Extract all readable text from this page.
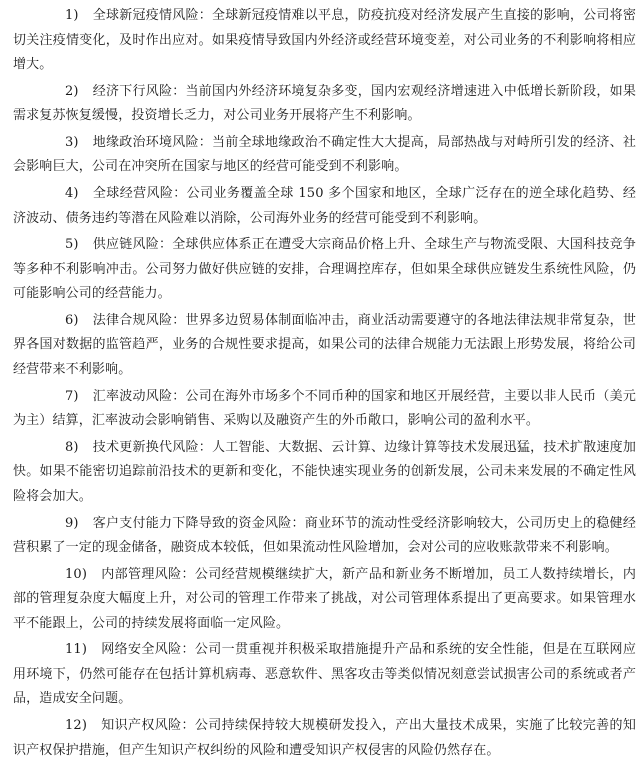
1) 全球新冠疫情风险：全球新冠疫情难以平息，防疫抗疫对经济发展产生直接的影响，公司将密切关注疫情变化，及时作出应对。如果疫情导致国内外经济或经营环境变差，对公司业务的不利影响将相应增大。

2) 经济下行风险：当前国内外经济环境复杂多变，国内宏观经济增速进入中低增长新阶段，如果需求复苏恢复缓慢，投资增长乏力，对公司业务开展将产生不利影响。

3) 地缘政治环境风险：当前全球地缘政治不确定性大大提高，局部热战与对峙所引发的经济、社会影响巨大，公司在冲突所在国家与地区的经营可能受到不利影响。

4) 全球经营风险：公司业务覆盖全球 150 多个国家和地区，全球广泛存在的逆全球化趋势、经济波动、债务违约等潜在风险难以消除，公司海外业务的经营可能受到不利影响。

5) 供应链风险：全球供应体系正在遭受大宗商品价格上升、全球生产与物流受限、大国科技竞争等多种不利影响冲击。公司努力做好供应链的安排，合理调控库存，但如果全球供应链发生系统性风险，仍可能影响公司的经营能力。

6) 法律合规风险：世界多边贸易体制面临冲击，商业活动需要遵守的各地法律法规非常复杂，世界各国对数据的监管趋严，业务的合规性要求提高，如果公司的法律合规能力无法跟上形势发展，将给公司经营带来不利影响。

7) 汇率波动风险：公司在海外市场多个不同币种的国家和地区开展经营，主要以非人民币（美元为主）结算，汇率波动会影响销售、采购以及融资产生的外币敞口，影响公司的盈利水平。

8) 技术更新换代风险：人工智能、大数据、云计算、边缘计算等技术发展迅猛，技术扩散速度加快。如果不能密切追踪前沿技术的更新和变化，不能快速实现业务的创新发展，公司未来发展的不确定性风险将会加大。

9) 客户支付能力下降导致的资金风险：商业环节的流动性受经济影响较大，公司历史上的稳健经营积累了一定的现金储备，融资成本较低，但如果流动性风险增加，会对公司的应收账款带来不利影响。

10) 内部管理风险：公司经营规模继续扩大，新产品和新业务不断增加，员工人数持续增长，内部的管理复杂度大幅度上升，对公司的管理工作带来了挑战，对公司管理体系提出了更高要求。如果管理水平不能跟上，公司的持续发展将面临一定风险。

11) 网络安全风险：公司一贯重视并积极采取措施提升产品和系统的安全性能，但是在互联网应用环境下，仍然可能存在包括计算机病毒、恶意软件、黑客攻击等类似情况刻意尝试损害公司的系统或者产品，造成安全问题。

12) 知识产权风险：公司持续保持较大规模研发投入，产出大量技术成果，实施了比较完善的知识产权保护措施，但产生知识产权纠纷的风险和遭受知识产权侵害的风险仍然存在。
